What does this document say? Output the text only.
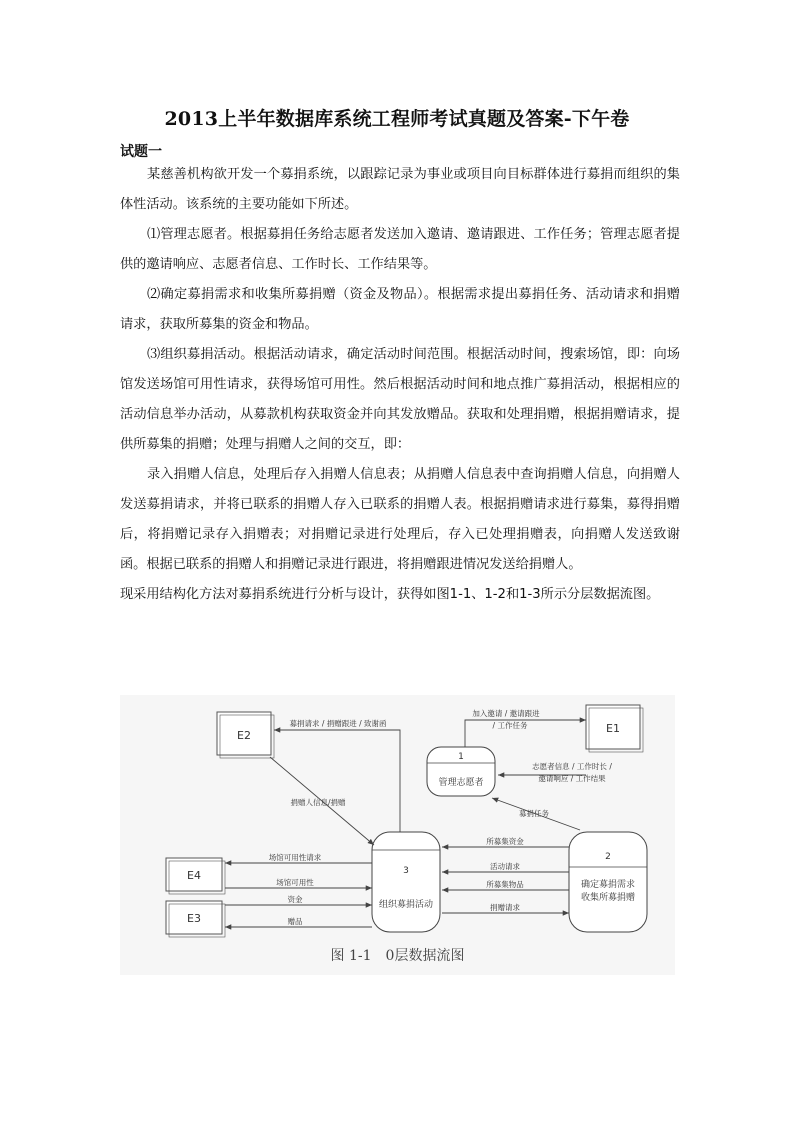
2013上半年数据库系统工程师考试真题及答案-下午卷
试题一

某慈善机构欲开发一个募捐系统，以跟踪记录为事业或项目向目标群体进行募捐而组织的集体性活动。该系统的主要功能如下所述。

⑴管理志愿者。根据募捐任务给志愿者发送加入邀请、邀请跟进、工作任务；管理志愿者提供的邀请响应、志愿者信息、工作时长、工作结果等。

⑵确定募捐需求和收集所募捐赠（资金及物品）。根据需求提出募捐任务、活动请求和捐赠请求，获取所募集的资金和物品。

⑶组织募捐活动。根据活动请求，确定活动时间范围。根据活动时间，搜索场馆，即：向场馆发送场馆可用性请求，获得场馆可用性。然后根据活动时间和地点推广募捐活动，根据相应的活动信息举办活动，从募款机构获取资金并向其发放赠品。获取和处理捐赠，根据捐赠请求，提供所募集的捐赠；处理与捐赠人之间的交互，即：

录入捐赠人信息，处理后存入捐赠人信息表；从捐赠人信息表中查询捐赠人信息，向捐赠人发送募捐请求，并将已联系的捐赠人存入已联系的捐赠人表。根据捐赠请求进行募集，募得捐赠后，将捐赠记录存入捐赠表；对捐赠记录进行处理后，存入已处理捐赠表，向捐赠人发送致谢函。根据已联系的捐赠人和捐赠记录进行跟进，将捐赠跟进情况发送给捐赠人。

现采用结构化方法对募捐系统进行分析与设计，获得如图1-1、1-2和1-3所示分层数据流图。

E2
E1
E4
E3
1
管理志愿者
2
确定募捐需求
收集所募捐赠
3
组织募捐活动
加入邀请 / 邀请跟进
/ 工作任务
志愿者信息 / 工作时长 /
邀请响应 / 工作结果
募捐任务
募捐请求 / 捐赠跟进 / 致谢函
捐赠人信息/捐赠
所募集资金
活动请求
所募集物品
捐赠请求
场馆可用性请求
场馆可用性
资金
赠品
图 1-1　0层数据流图
